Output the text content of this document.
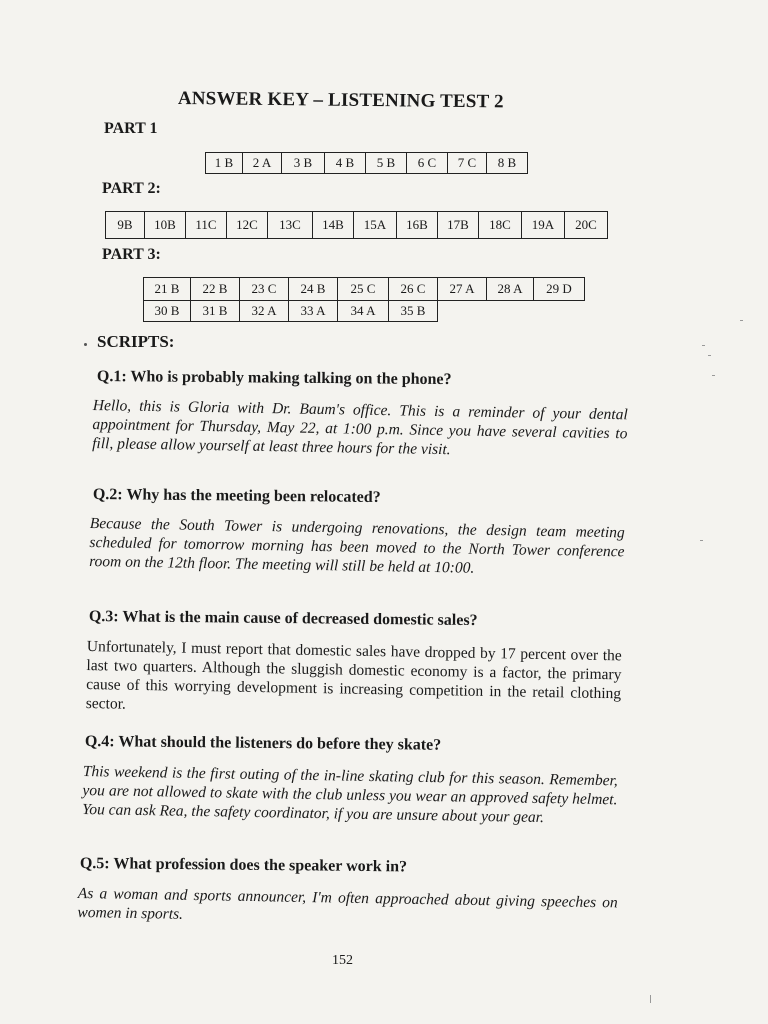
ANSWER KEY – LISTENING TEST 2
PART 1
1 B	2 A	3 B	4 B	5 B	6 C	7 C	8 B
PART 2:
9B	10B	11C	12C	13C	14B	15A	16B	17B	18C	19A	20C
PART 3:
21 B	22 B	23 C	24 B	25 C	26 C	27 A	28 A	29 D
30 B	31 B	32 A	33 A	34 A	35 B
SCRIPTS:
Q.1: Who is probably making talking on the phone?
Hello, this is Gloria with Dr. Baum's office. This is a reminder of your dental appointment for Thursday, May 22, at 1:00 p.m. Since you have several cavities to fill, please allow yourself at least three hours for the visit.
Q.2: Why has the meeting been relocated?
Because the South Tower is undergoing renovations, the design team meeting scheduled for tomorrow morning has been moved to the North Tower conference room on the 12th floor. The meeting will still be held at 10:00.
Q.3: What is the main cause of decreased domestic sales?
Unfortunately, I must report that domestic sales have dropped by 17 percent over the last two quarters. Although the sluggish domestic economy is a factor, the primary cause of this worrying development is increasing competition in the retail clothing sector.
Q.4: What should the listeners do before they skate?
This weekend is the first outing of the in-line skating club for this season. Remember, you are not allowed to skate with the club unless you wear an approved safety helmet. You can ask Rea, the safety coordinator, if you are unsure about your gear.
Q.5: What profession does the speaker work in?
As a woman and sports announcer, I'm often approached about giving speeches on women in sports.
152
